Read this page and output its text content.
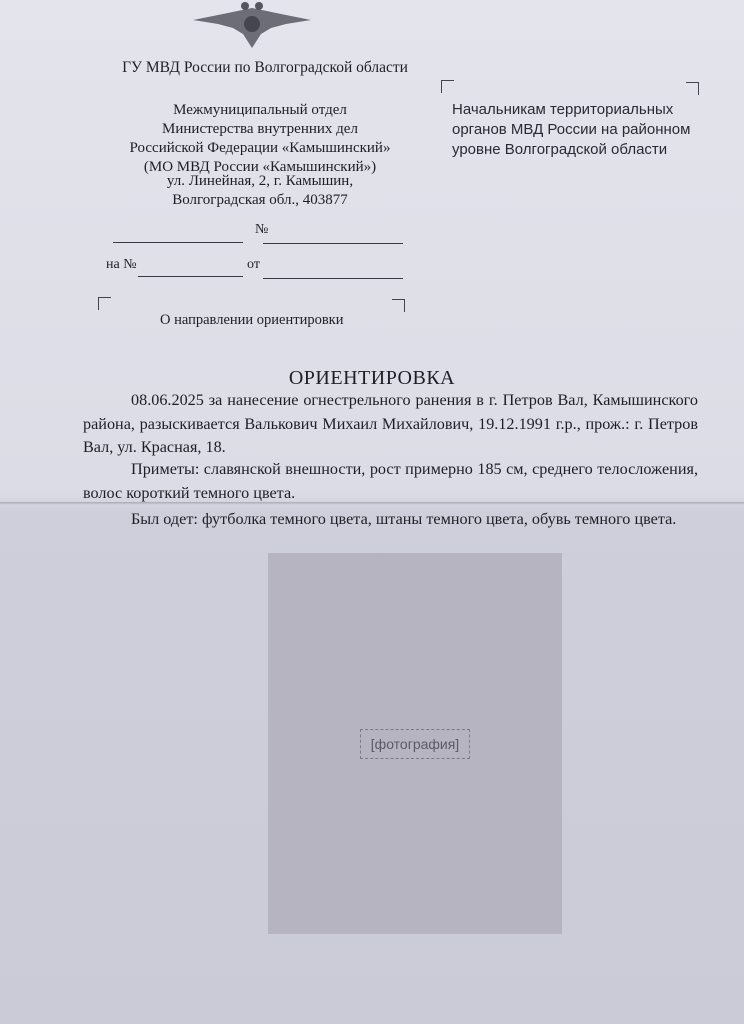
ГУ МВД России по Волгоградской области
Межмуниципальный отдел
Министерства внутренних дел
Российской Федерации «Камышинский»
(МО МВД России «Камышинский»)
ул. Линейная, 2, г. Камышин,
Волгоградская обл., 403877
№
на №	от
О направлении ориентировки
Начальникам территориальных органов МВД России на районном уровне Волгоградской области
ОРИЕНТИРОВКА
08.06.2025 за нанесение огнестрельного ранения в г. Петров Вал, Камышинского района, разыскивается Валькович Михаил Михайлович, 19.12.1991 г.р., прож.: г. Петров Вал, ул. Красная, 18.
Приметы: славянской внешности, рост примерно 185 см, среднего телосложения, волос короткий темного цвета.
Был одет: футболка темного цвета, штаны темного цвета, обувь темного цвета.
[фотография]
